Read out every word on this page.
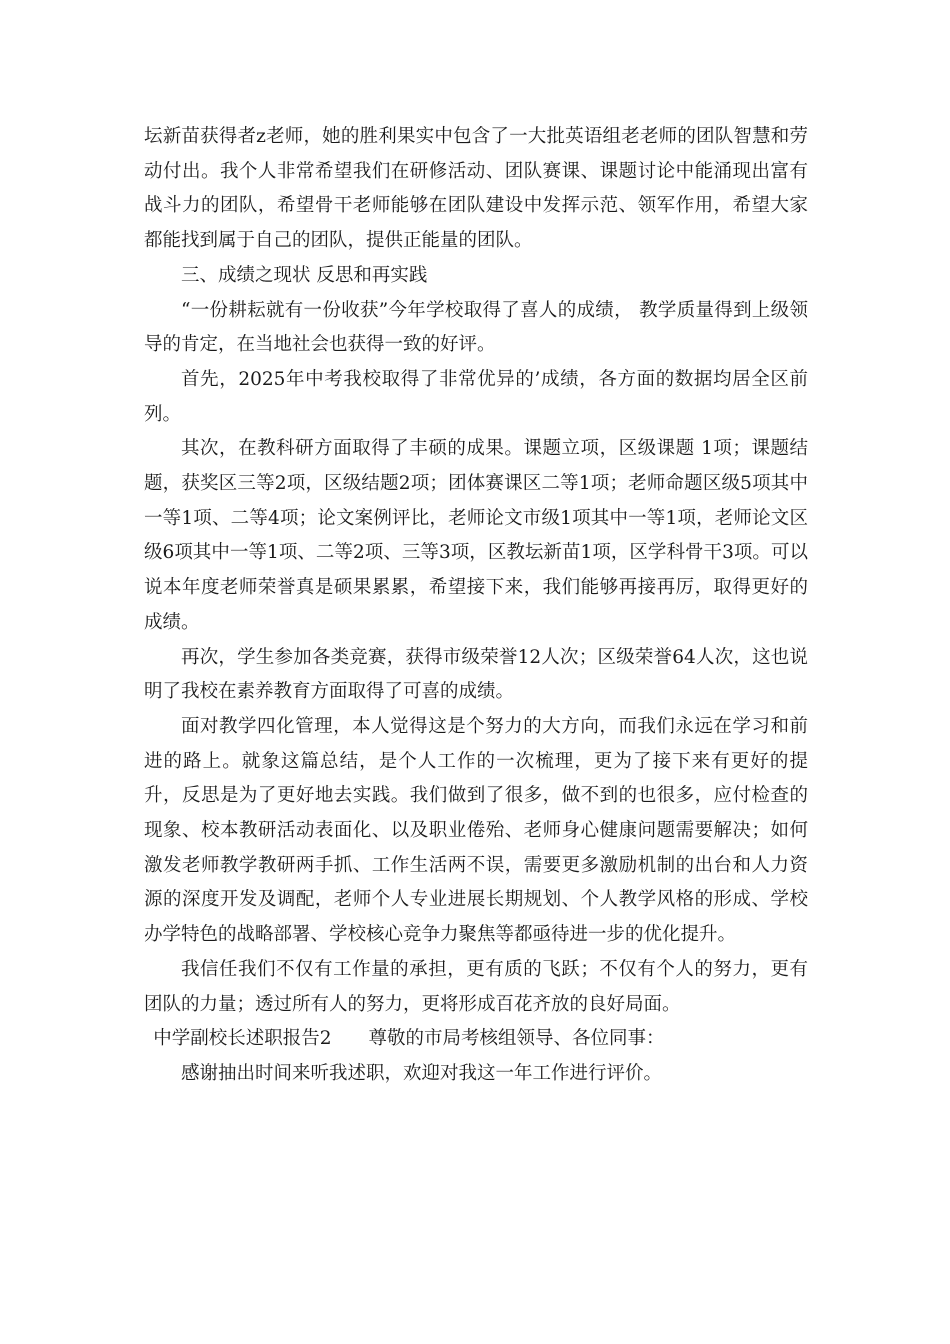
坛新苗获得者z老师，她的胜利果实中包含了一大批英语组老老师的团队智慧和劳动付出。我个人非常希望我们在研修活动、团队赛课、课题讨论中能涌现出富有战斗力的团队，希望骨干老师能够在团队建设中发挥示范、领军作用，希望大家都能找到属于自己的团队，提供正能量的团队。

三、成绩之现状 反思和再实践

“一份耕耘就有一份收获”今年学校取得了喜人的成绩， 教学质量得到上级领导的肯定，在当地社会也获得一致的好评。

首先，2025年中考我校取得了非常优异的’成绩，各方面的数据均居全区前列。

其次，在教科研方面取得了丰硕的成果。课题立项，区级课题 1项；课题结题，获奖区三等2项，区级结题2项；团体赛课区二等1项；老师命题区级5项其中一等1项、二等4项；论文案例评比，老师论文市级1项其中一等1项，老师论文区级6项其中一等1项、二等2项、三等3项，区教坛新苗1项，区学科骨干3项。可以说本年度老师荣誉真是硕果累累，希望接下来，我们能够再接再厉，取得更好的成绩。

再次，学生参加各类竞赛，获得市级荣誉12人次；区级荣誉64人次，这也说明了我校在素养教育方面取得了可喜的成绩。

面对教学四化管理，本人觉得这是个努力的大方向，而我们永远在学习和前进的路上。就象这篇总结，是个人工作的一次梳理，更为了接下来有更好的提升，反思是为了更好地去实践。我们做到了很多，做不到的也很多，应付检查的现象、校本教研活动表面化、以及职业倦殆、老师身心健康问题需要解决；如何激发老师教学教研两手抓、工作生活两不误，需要更多激励机制的出台和人力资源的深度开发及调配，老师个人专业进展长期规划、个人教学风格的形成、学校办学特色的战略部署、学校核心竞争力聚焦等都亟待进一步的优化提升。

我信任我们不仅有工作量的承担，更有质的飞跃；不仅有个人的努力，更有团队的力量；透过所有人的努力，更将形成百花齐放的良好局面。

中学副校长述职报告2 尊敬的市局考核组领导、各位同事：

感谢抽出时间来听我述职，欢迎对我这一年工作进行评价。
